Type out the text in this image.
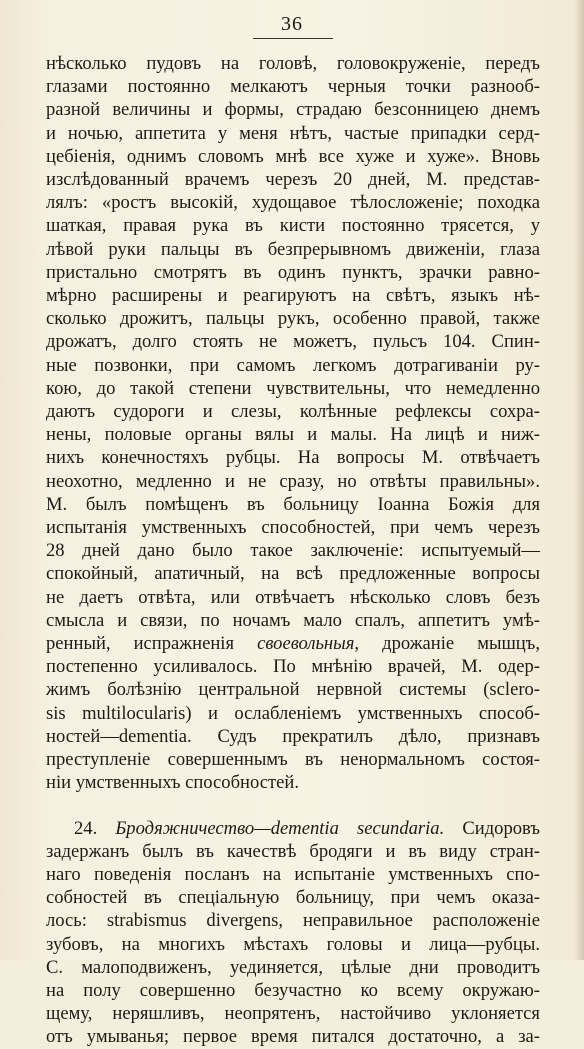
36
нѣсколько пудовъ на головѣ, головокруженіе, передъ
глазами постоянно мелкаютъ черныя точки разнооб-
разной величины и формы, страдаю безсонницею днемъ
и ночью, аппетита у меня нѣтъ, частые припадки серд-
цебіенія, однимъ словомъ мнѣ все хуже и хуже». Вновь
изслѣдованный врачемъ черезъ 20 дней, М. представ-
лялъ: «ростъ высокій, худощавое тѣлосложеніе; походка
шаткая, правая рука въ кисти постоянно трясется, у
лѣвой руки пальцы въ безпрерывномъ движеніи, глаза
пристально смотрятъ въ одинъ пунктъ, зрачки равно-
мѣрно расширены и реагируютъ на свѣтъ, языкъ нѣ-
сколько дрожитъ, пальцы рукъ, особенно правой, также
дрожатъ, долго стоять не можетъ, пульсъ 104. Спин-
ные позвонки, при самомъ легкомъ дотрагиваніи ру-
кою, до такой степени чувствительны, что немедленно
даютъ судороги и слезы, колѣнные рефлексы сохра-
нены, половые органы вялы и малы. На лицѣ и ниж-
нихъ конечностяхъ рубцы. На вопросы М. отвѣчаетъ
неохотно, медленно и не сразу, но отвѣты правильны».
М. былъ помѣщенъ въ больницу Іоанна Божія для
испытанія умственныхъ способностей, при чемъ черезъ
28 дней дано было такое заключеніе: испытуемый—
спокойный, апатичный, на всѣ предложенные вопросы
не даетъ отвѣта, или отвѣчаетъ нѣсколько словъ безъ
смысла и связи, по ночамъ мало спалъ, аппетитъ умѣ-
ренный, испражненія своевольныя, дрожаніе мышцъ,
постепенно усиливалось. По мнѣнію врачей, М. одер-
жимъ болѣзнію центральной нервной системы (sclero-
sis multilocularis) и ослабленіемъ умственныхъ способ-
ностей—dementia. Судъ прекратилъ дѣло, признавъ
преступленіе совершеннымъ въ ненормальномъ состоя-
ніи умственныхъ способностей.
24. Бродяжничество—dementia secundaria. Сидоровъ
задержанъ былъ въ качествѣ бродяги и въ виду стран-
наго поведенія посланъ на испытаніе умственныхъ спо-
собностей въ спеціальную больницу, при чемъ оказа-
лось: strabismus divergens, неправильное расположеніе
зубовъ, на многихъ мѣстахъ головы и лица—рубцы.
С. малоподвиженъ, уединяется, цѣлые дни проводитъ
на полу совершенно безучастно ко всему окружаю-
щему, неряшливъ, неопрятенъ, настойчиво уклоняется
отъ умыванья; первое время питался достаточно, а за-
